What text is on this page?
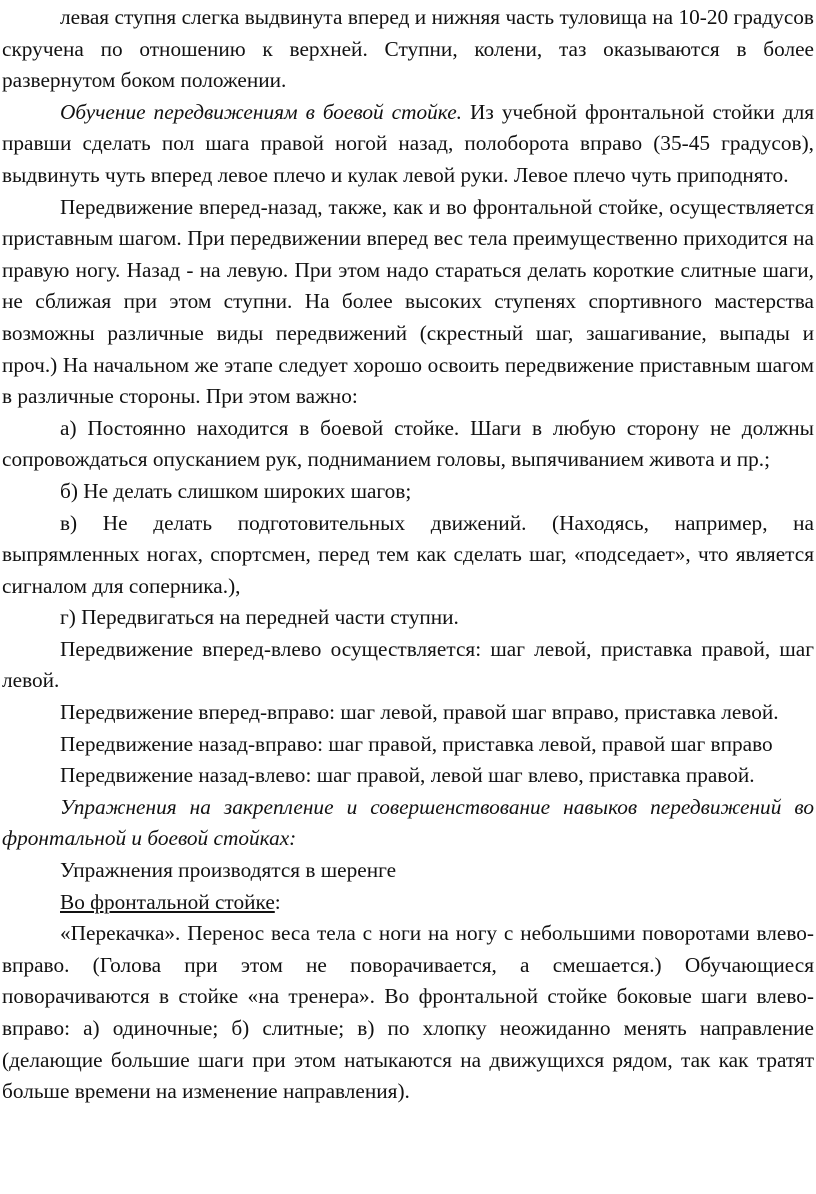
левая ступня слегка выдвинута вперед и нижняя часть туловища на 10-20 градусов скручена по отношению к верхней. Ступни, колени, таз оказываются в более развернутом боком положении.

Обучение передвижениям в боевой стойке. Из учебной фронтальной стойки для правши сделать пол шага правой ногой назад, полоборота вправо (35-45 градусов), выдвинуть чуть вперед левое плечо и кулак левой руки. Левое плечо чуть приподнято.

Передвижение вперед-назад, также, как и во фронтальной стойке, осуществляется приставным шагом. При передвижении вперед вес тела преимущественно приходится на правую ногу. Назад - на левую. При этом надо стараться делать короткие слитные шаги, не сближая при этом ступни. На более высоких ступенях спортивного мастерства возможны различные виды передвижений (скрестный шаг, зашагивание, выпады и проч.) На начальном же этапе следует хорошо освоить передвижение приставным шагом в различные стороны. При этом важно:

а) Постоянно находится в боевой стойке. Шаги в любую сторону не должны сопровождаться опусканием рук, подниманием головы, выпячиванием живота и пр.;

б) Не делать слишком широких шагов;

в) Не делать подготовительных движений. (Находясь, например, на выпрямленных ногах, спортсмен, перед тем как сделать шаг, «подседает», что является сигналом для соперника.),

г) Передвигаться на передней части ступни.

Передвижение вперед-влево осуществляется: шаг левой, приставка правой, шаг левой.

Передвижение вперед-вправо: шаг левой, правой шаг вправо, приставка левой.

Передвижение назад-вправо: шаг правой, приставка левой, правой шаг вправо

Передвижение назад-влево: шаг правой, левой шаг влево, приставка правой.

Упражнения на закрепление и совершенствование навыков передвижений во фронтальной и боевой стойках:

Упражнения производятся в шеренге

Во фронтальной стойке:

«Перекачка». Перенос веса тела с ноги на ногу с небольшими поворотами влево-вправо. (Голова при этом не поворачивается, а смешается.) Обучающиеся поворачиваются в стойке «на тренера». Во фронтальной стойке боковые шаги влево-вправо: а) одиночные; б) слитные; в) по хлопку неожиданно менять направление (делающие большие шаги при этом натыкаются на движущихся рядом, так как тратят больше времени на изменение направления).
